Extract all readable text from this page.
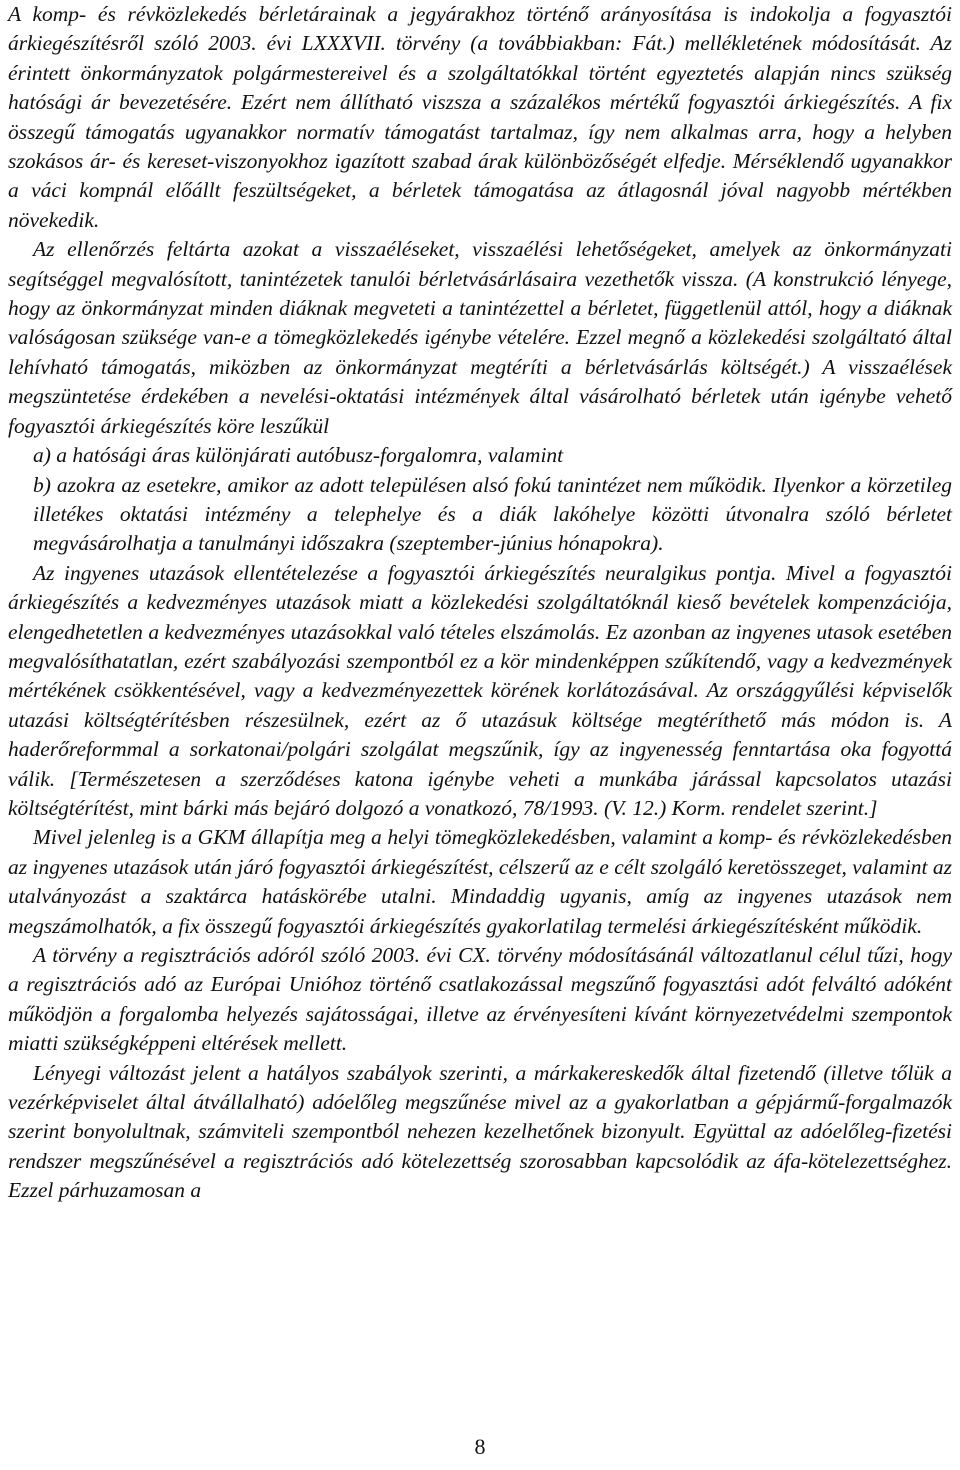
A komp- és révközlekedés bérletárainak a jegyárakhoz történő arányosítása is indokolja a fogyasztói árkiegészítésről szóló 2003. évi LXXXVII. törvény (a továbbiakban: Fát.) mellékletének módosítását. Az érintett önkormányzatok polgármestereivel és a szolgáltatókkal történt egyeztetés alapján nincs szükség hatósági ár bevezetésére. Ezért nem állítható viszsza a százalékos mértékű fogyasztói árkiegészítés. A fix összegű támogatás ugyanakkor normatív támogatást tartalmaz, így nem alkalmas arra, hogy a helyben szokásos ár- és kereset-viszonyokhoz igazított szabad árak különbözőségét elfedje. Mérséklendő ugyanakkor a váci kompnál előállt feszültségeket, a bérletek támogatása az átlagosnál jóval nagyobb mértékben növekedik.

Az ellenőrzés feltárta azokat a visszaéléseket, visszaélési lehetőségeket, amelyek az önkormányzati segítséggel megvalósított, tanintézetek tanulói bérletvásárlásaira vezethetők vissza. (A konstrukció lényege, hogy az önkormányzat minden diáknak megveteti a tanintézettel a bérletet, függetlenül attól, hogy a diáknak valóságosan szüksége van-e a tömegközlekedés igénybe vételére. Ezzel megnő a közlekedési szolgáltató által lehívható támogatás, miközben az önkormányzat megtéríti a bérletvásárlás költségét.) A visszaélések megszüntetése érdekében a nevelési-oktatási intézmények által vásárolható bérletek után igénybe vehető fogyasztói árkiegészítés köre leszűkül

a) a hatósági áras különjárati autóbusz-forgalomra, valamint

b) azokra az esetekre, amikor az adott településen alsó fokú tanintézet nem működik. Ilyenkor a körzetileg illetékes oktatási intézmény a telephelye és a diák lakóhelye közötti útvonalra szóló bérletet megvásárolhatja a tanulmányi időszakra (szeptember-június hónapokra).

Az ingyenes utazások ellentételezése a fogyasztói árkiegészítés neuralgikus pontja. Mivel a fogyasztói árkiegészítés a kedvezményes utazások miatt a közlekedési szolgáltatóknál kieső bevételek kompenzációja, elengedhetetlen a kedvezményes utazásokkal való tételes elszámolás. Ez azonban az ingyenes utasok esetében megvalósíthatatlan, ezért szabályozási szempontból ez a kör mindenképpen szűkítendő, vagy a kedvezmények mértékének csökkentésével, vagy a kedvezményezettek körének korlátozásával. Az országgyűlési képviselők utazási költségtérítésben részesülnek, ezért az ő utazásuk költsége megtéríthető más módon is. A haderőreformmal a sorkatonai/polgári szolgálat megszűnik, így az ingyenesség fenntartása oka fogyottá válik. [Természetesen a szerződéses katona igénybe veheti a munkába járással kapcsolatos utazási költségtérítést, mint bárki más bejáró dolgozó a vonatkozó, 78/1993. (V. 12.) Korm. rendelet szerint.]

Mivel jelenleg is a GKM állapítja meg a helyi tömegközlekedésben, valamint a komp- és révközlekedésben az ingyenes utazások után járó fogyasztói árkiegészítést, célszerű az e célt szolgáló keretösszeget, valamint az utalványozást a szaktárca hatáskörébe utalni. Mindaddig ugyanis, amíg az ingyenes utazások nem megszámolhatók, a fix összegű fogyasztói árkiegészítés gyakorlatilag termelési árkiegészítésként működik.

A törvény a regisztrációs adóról szóló 2003. évi CX. törvény módosításánál változatlanul célul tűzi, hogy a regisztrációs adó az Európai Unióhoz történő csatlakozással megszűnő fogyasztási adót felváltó adóként működjön a forgalomba helyezés sajátosságai, illetve az érvényesíteni kívánt környezetvédelmi szempontok miatti szükségképpeni eltérések mellett.

Lényegi változást jelent a hatályos szabályok szerinti, a márkakereskedők által fizetendő (illetve tőlük a vezérképviselet által átvállalható) adóelőleg megszűnése mivel az a gyakorlatban a gépjármű-forgalmazók szerint bonyolultnak, számviteli szempontból nehezen kezelhetőnek bizonyult. Együttal az adóelőleg-fizetési rendszer megszűnésével a regisztrációs adó kötelezettség szorosabban kapcsolódik az áfa-kötelezettséghez. Ezzel párhuzamosan a

8
